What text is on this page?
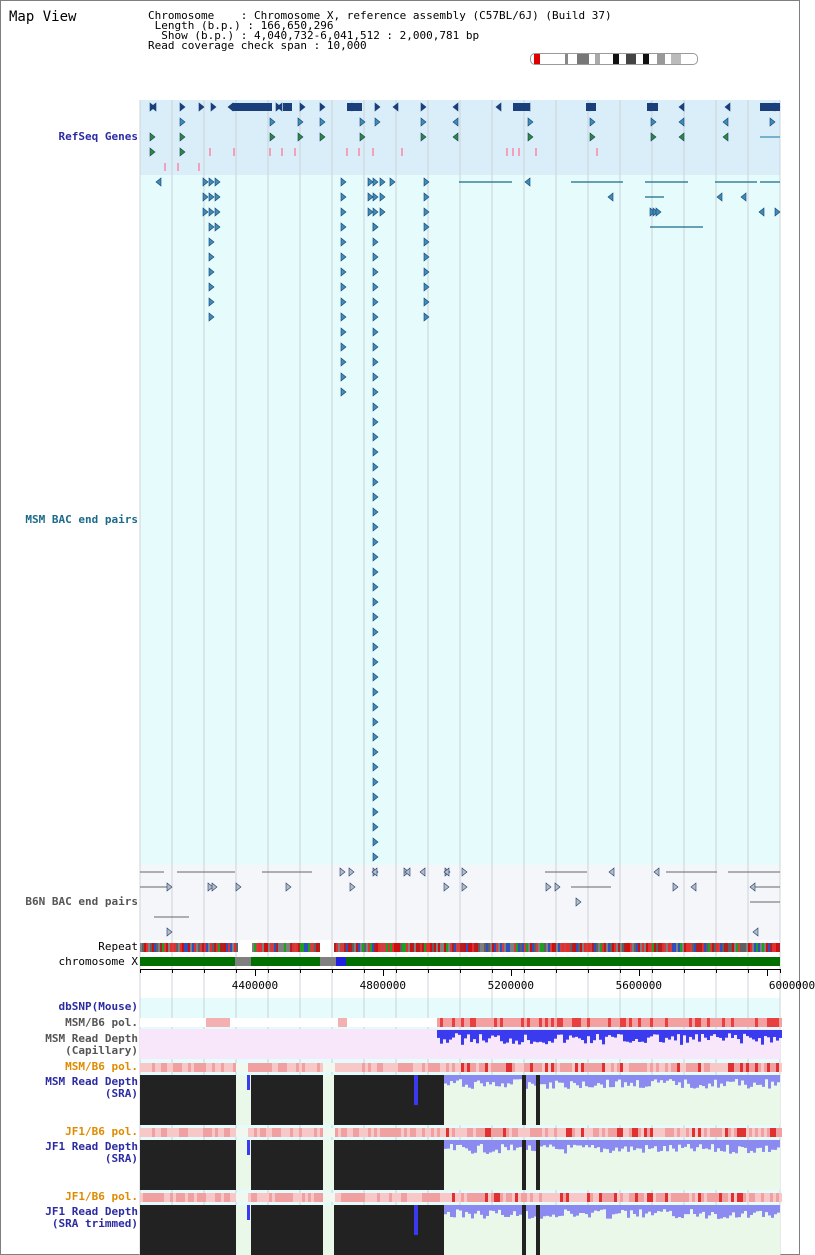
Map View	Chromosome    : Chromosome X, reference assembly (C57BL/6J) (Build 37)
Length (b.p.) : 166,650,296
Show (b.p.) : 4,040,732-6,041,512 : 2,000,781 bp
Read coverage check span : 10,000
RefSeq Genes
MSM BAC end pairs
B6N BAC end pairs
Repeat
chromosome X
dbSNP(Mouse)
MSM/B6 pol.
MSM Read Depth
(Capillary)
MSM/B6 pol.
MSM Read Depth
(SRA)
JF1/B6 pol.
JF1 Read Depth
(SRA)
JF1/B6 pol.
JF1 Read Depth
(SRA trimmed)
4400000	4800000	5200000	5600000	6000000
